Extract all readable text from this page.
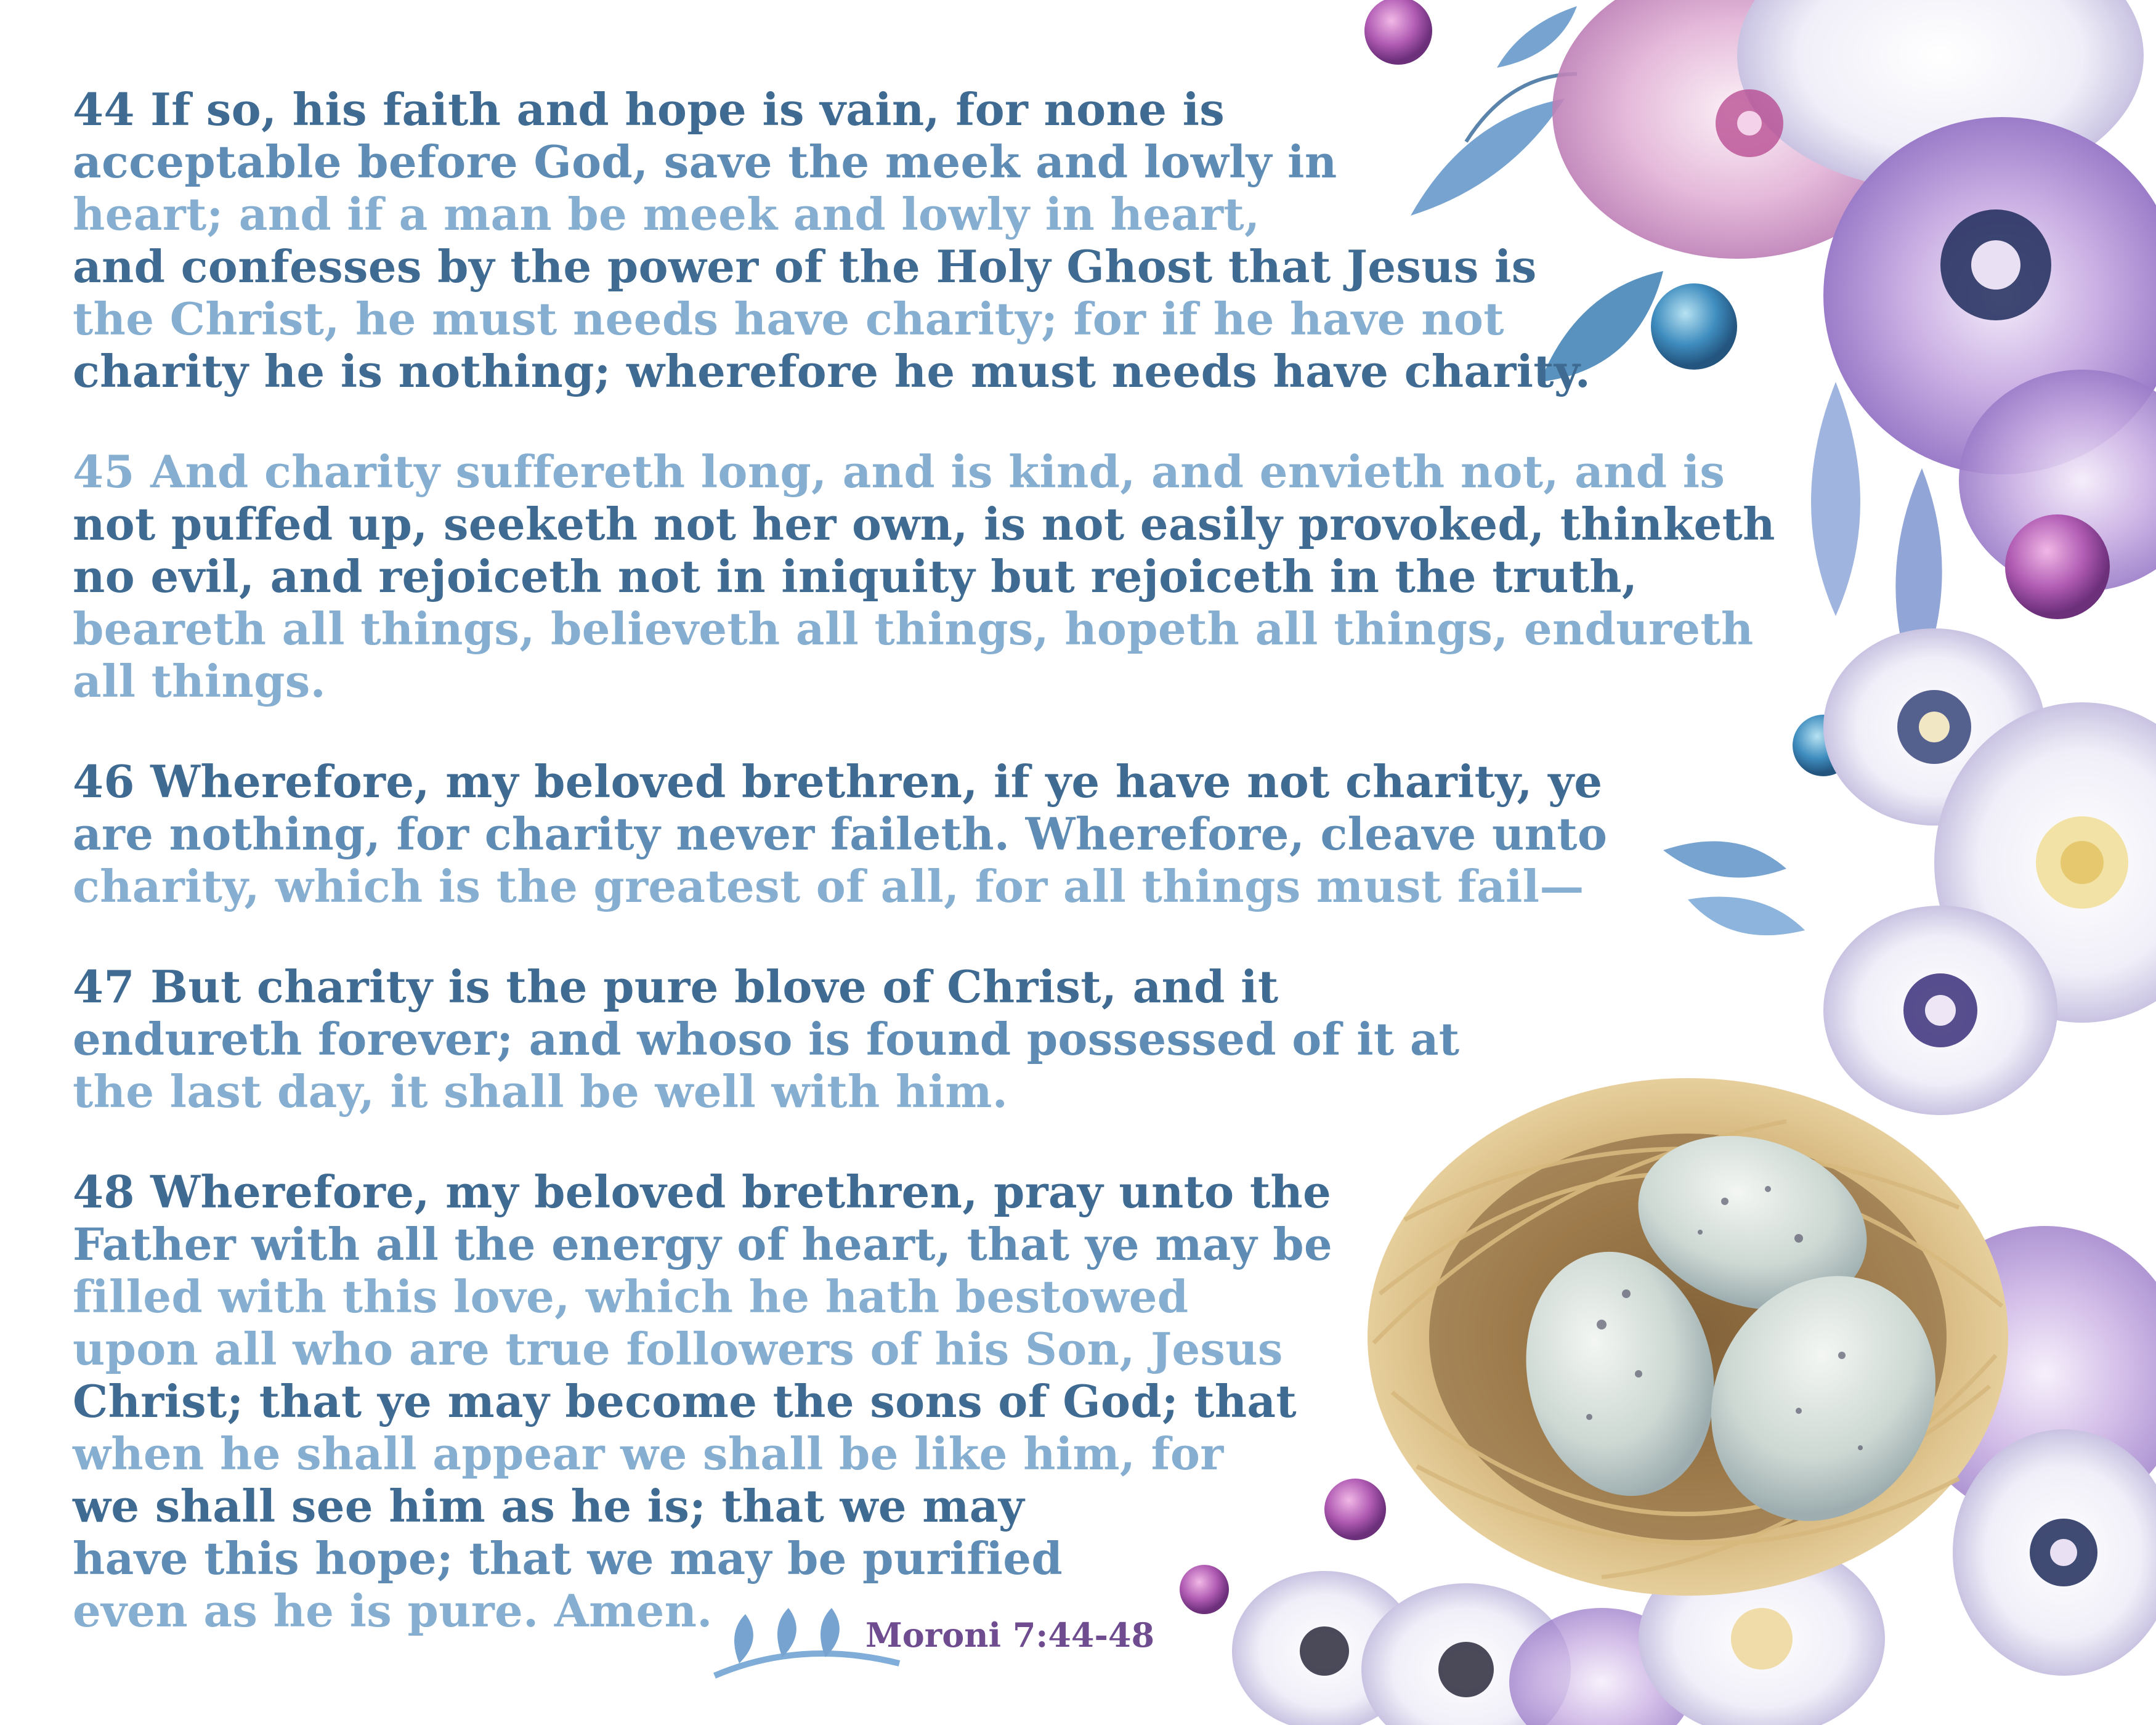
44 If so, his faith and hope is vain, for none is
acceptable before God, save the meek and lowly in
heart; and if a man be meek and lowly in heart,
and confesses by the power of the Holy Ghost that Jesus is
the Christ, he must needs have charity; for if he have not
charity he is nothing; wherefore he must needs have charity.
45 And charity suffereth long, and is kind, and envieth not, and is
not puffed up, seeketh not her own, is not easily provoked, thinketh
no evil, and rejoiceth not in iniquity but rejoiceth in the truth,
beareth all things, believeth all things, hopeth all things, endureth
all things.
46 Wherefore, my beloved brethren, if ye have not charity, ye
are nothing, for charity never faileth. Wherefore, cleave unto
charity, which is the greatest of all, for all things must fail—
47 But charity is the pure blove of Christ, and it
endureth forever; and whoso is found possessed of it at
the last day, it shall be well with him.
48 Wherefore, my beloved brethren, pray unto the
Father with all the energy of heart, that ye may be
filled with this love, which he hath bestowed
upon all who are true followers of his Son, Jesus
Christ; that ye may become the sons of God; that
when he shall appear we shall be like him, for
we shall see him as he is; that we may
have this hope; that we may be purified
even as he is pure. Amen.	Moroni 7:44-48
